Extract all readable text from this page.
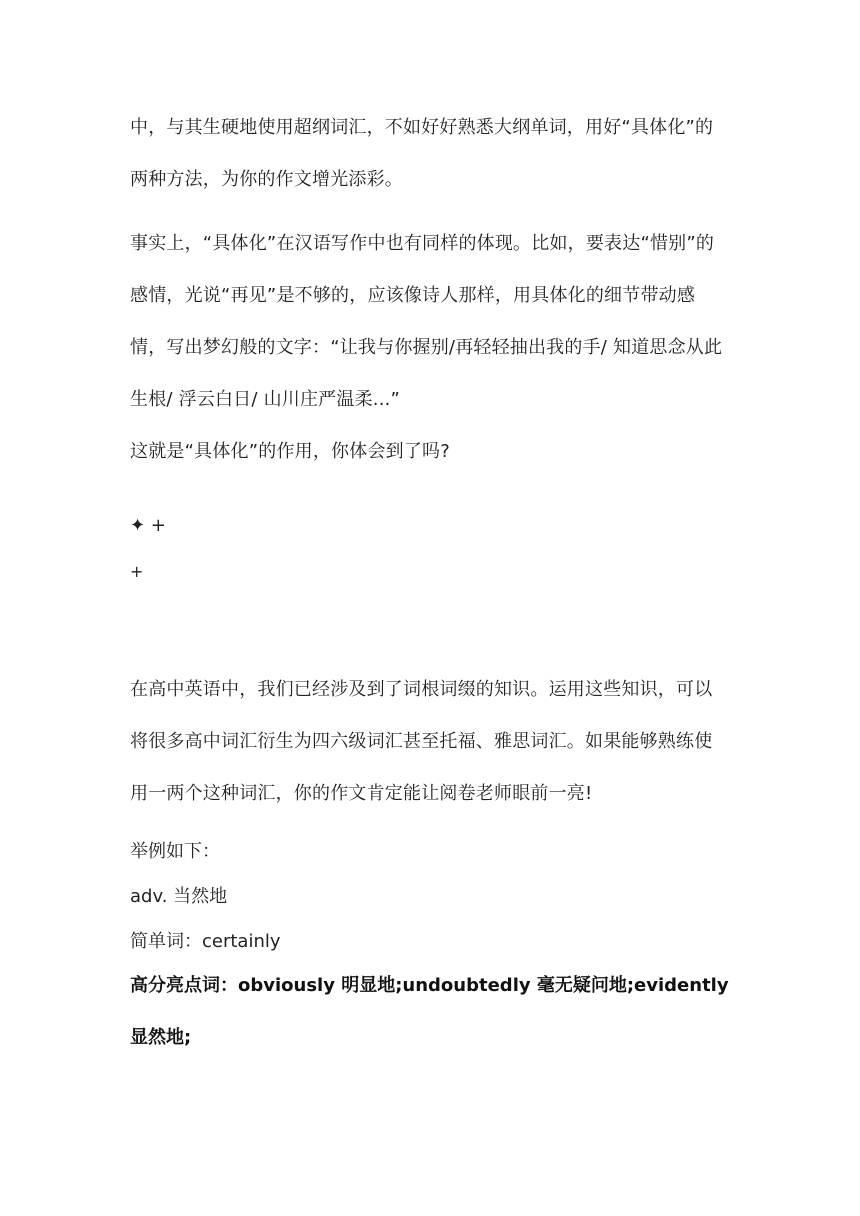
中，与其生硬地使用超纲词汇，不如好好熟悉大纲单词，用好“具体化”的两种方法，为你的作文增光添彩。

事实上，“具体化”在汉语写作中也有同样的体现。比如，要表达“惜别”的感情，光说“再见”是不够的，应该像诗人那样，用具体化的细节带动感情，写出梦幻般的文字：“让我与你握别/再轻轻抽出我的手/ 知道思念从此生根/ 浮云白日/ 山川庄严温柔...”

这就是“具体化”的作用，你体会到了吗?

✦ +
+

在高中英语中，我们已经涉及到了词根词缀的知识。运用这些知识，可以将很多高中词汇衍生为四六级词汇甚至托福、雅思词汇。如果能够熟练使用一两个这种词汇，你的作文肯定能让阅卷老师眼前一亮!

举例如下：

adv. 当然地

简单词：certainly

高分亮点词：obviously 明显地;undoubtedly 毫无疑问地;evidently 显然地;
